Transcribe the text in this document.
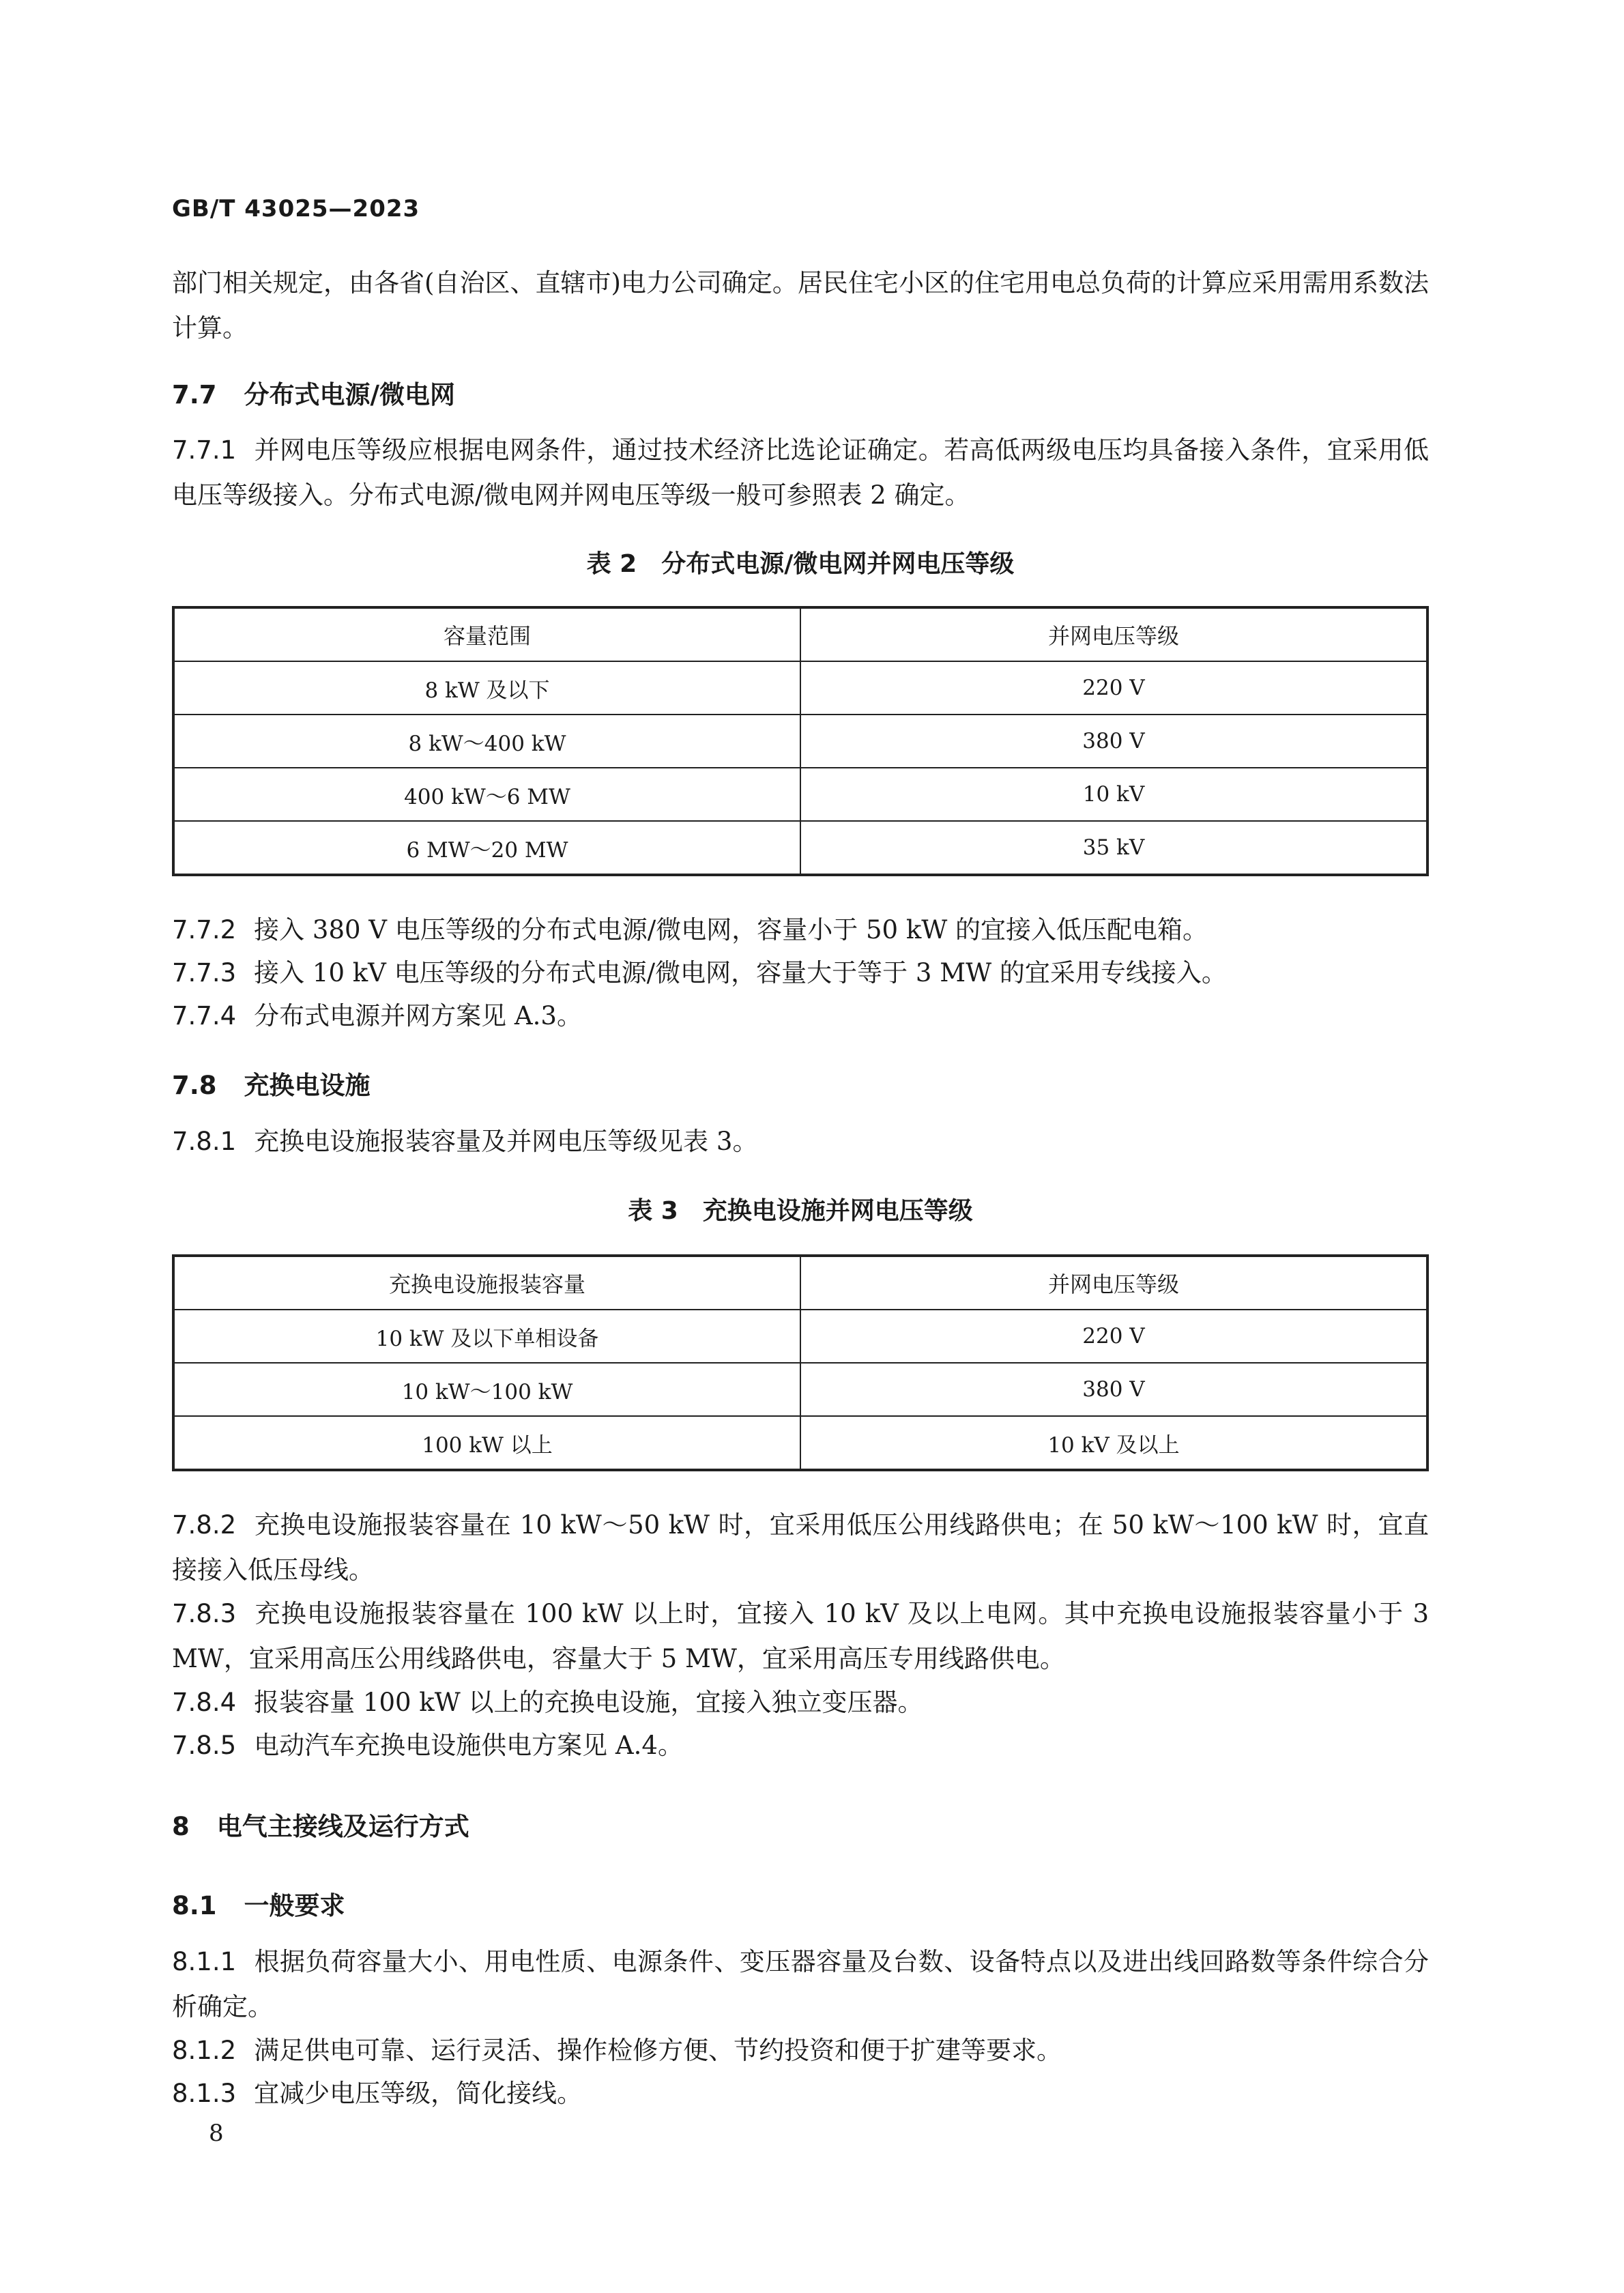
GB/T 43025—2023
部门相关规定，由各省(自治区、直辖市)电力公司确定。居民住宅小区的住宅用电总负荷的计算应采用需用系数法计算。
7.7 分布式电源/微电网
7.7.1 并网电压等级应根据电网条件，通过技术经济比选论证确定。若高低两级电压均具备接入条件，宜采用低电压等级接入。分布式电源/微电网并网电压等级一般可参照表 2 确定。
表 2 分布式电源/微电网并网电压等级
容量范围	并网电压等级
8 kW 及以下	220 V
8 kW～400 kW	380 V
400 kW～6 MW	10 kV
6 MW～20 MW	35 kV
7.7.2 接入 380 V 电压等级的分布式电源/微电网，容量小于 50 kW 的宜接入低压配电箱。
7.7.3 接入 10 kV 电压等级的分布式电源/微电网，容量大于等于 3 MW 的宜采用专线接入。
7.7.4 分布式电源并网方案见 A.3。
7.8 充换电设施
7.8.1 充换电设施报装容量及并网电压等级见表 3。
表 3 充换电设施并网电压等级
充换电设施报装容量	并网电压等级
10 kW 及以下单相设备	220 V
10 kW～100 kW	380 V
100 kW 以上	10 kV 及以上
7.8.2 充换电设施报装容量在 10 kW～50 kW 时，宜采用低压公用线路供电；在 50 kW～100 kW 时，宜直接接入低压母线。
7.8.3 充换电设施报装容量在 100 kW 以上时，宜接入 10 kV 及以上电网。其中充换电设施报装容量小于 3 MW，宜采用高压公用线路供电，容量大于 5 MW，宜采用高压专用线路供电。
7.8.4 报装容量 100 kW 以上的充换电设施，宜接入独立变压器。
7.8.5 电动汽车充换电设施供电方案见 A.4。
8 电气主接线及运行方式
8.1 一般要求
8.1.1 根据负荷容量大小、用电性质、电源条件、变压器容量及台数、设备特点以及进出线回路数等条件综合分析确定。
8.1.2 满足供电可靠、运行灵活、操作检修方便、节约投资和便于扩建等要求。
8.1.3 宜减少电压等级，简化接线。
8
